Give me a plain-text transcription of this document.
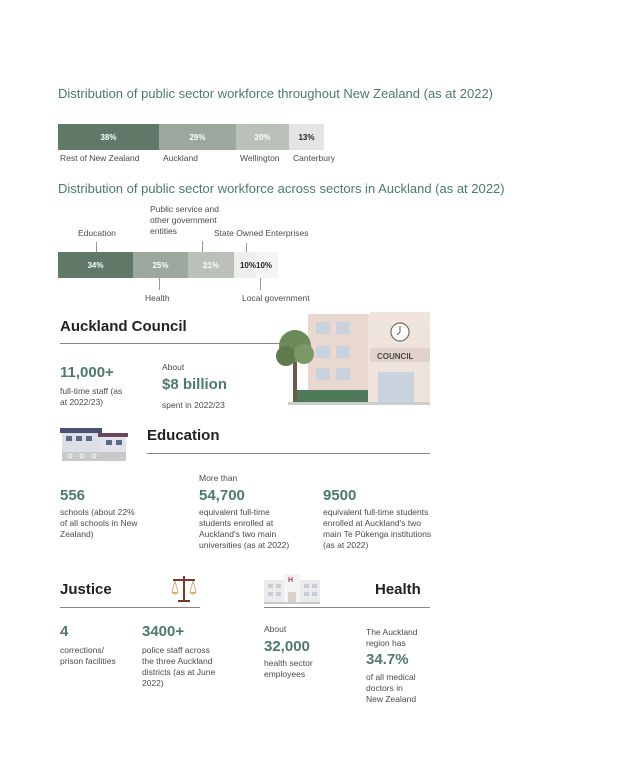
Distribution of public sector workforce throughout New Zealand (as at 2022)
38%	29%	20%	13%
Rest of New Zealand	Auckland	Wellington Canterbury
Distribution of public sector workforce across sectors in Auckland (as at 2022)
34%	25%	21%	10% 10%
Education
Health
Public service and
other government
entities	State Owned Enterprises
Local government
Auckland Council
COUNCIL
11,000+
full-time staff (as
at 2022/23)
About
$8 billion
spent in 2022/23
Education
556
schools (about 22%
of all schools in New
Zealand)
More than
54,700
equivalent full-time
students enrolled at
Auckland's two main
universities (as at 2022)
9500
equivalent full-time students
enrolled at Auckland's two
main Te Pūkenga institutions
(as at 2022)
Justice
4
corrections/
prison facilities
3400+
police staff across
the three Auckland
districts (as at June
2022)
H
Health
About
32,000
health sector
employees
The Auckland
region has
34.7%
of all medical
doctors in
New Zealand
